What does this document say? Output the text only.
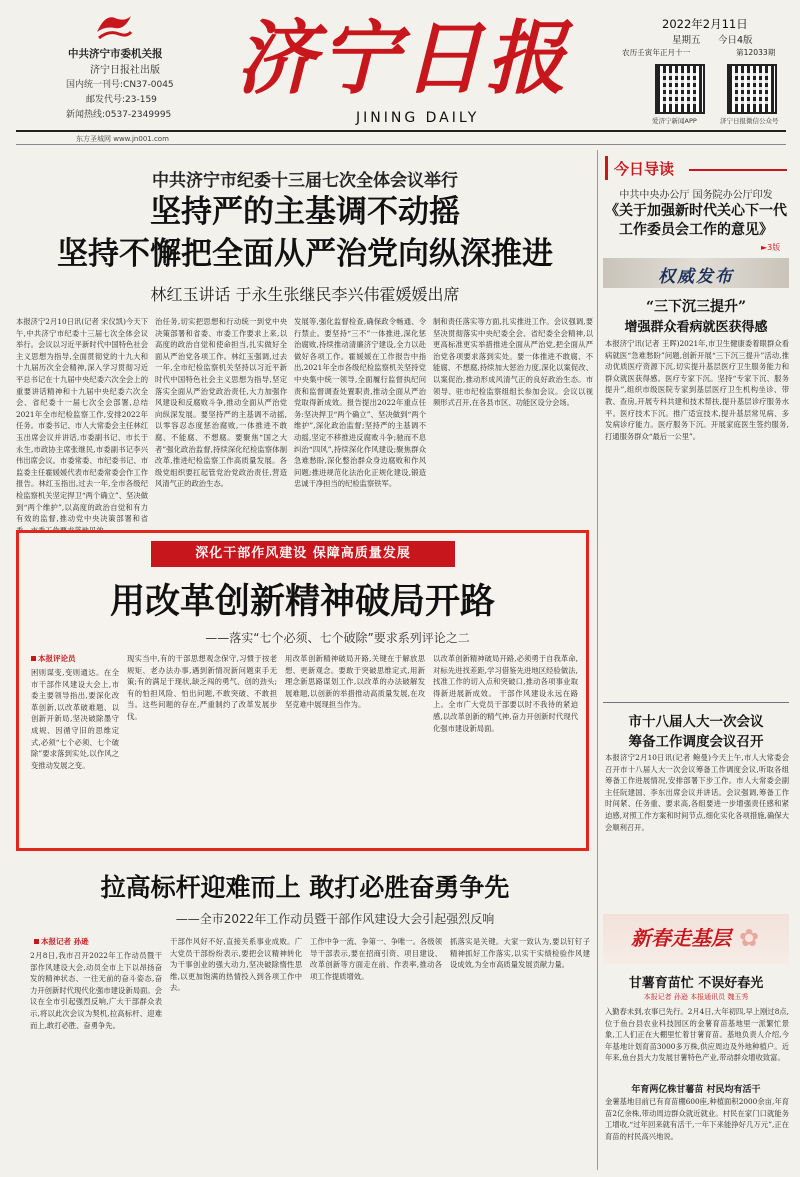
中共济宁市委机关报
济宁日报社出版
国内统一刊号:CN37-0045
邮发代号:23-159
新闻热线:0537-2349995
济 宁 日 报
JINING DAILY
2022年2月11日
星期五 今日4版
农历壬寅年正月十一	第12033期
爱济宁新闻APP	济宁日报微信公众号
东方圣城网 www.jn001.com
中共济宁市纪委十三届七次全体会议举行
坚持严的主基调不动摇
坚持不懈把全面从严治党向纵深推进
林红玉讲话 于永生张继民李兴伟霍媛媛出席
本报济宁2月10日讯(记者 宋仪凯)今天下午,中共济宁市纪委十三届七次全体会议举行。会议以习近平新时代中国特色社会主义思想为指导,全面贯彻党的十九大和十九届历次全会精神,深入学习贯彻习近平总书记在十九届中央纪委六次全会上的重要讲话精神和十九届中央纪委六次全会、省纪委十一届七次全会部署,总结2021年全市纪检监察工作,安排2022年任务。市委书记、市人大常委会主任林红玉出席会议并讲话,市委副书记、市长于永生,市政协主席张继民,市委副书记李兴伟出席会议。市委常委、市纪委书记、市监委主任霍媛媛代表市纪委常委会作工作报告。林红玉指出,过去一年,全市各级纪检监察机关坚定捍卫“两个确立”、坚决做到“两个维护”,以高度的政治自觉和有力有效的监督,推动党中央决策部署和省
治任务,切实把思想和行动统一到党中央决策部署和省委、市委工作要求上来,以高度的政治自觉和使命担当,扎实做好全面从严治党各项工作。林红玉强调,过去一年,全市纪检监察机关坚持以习近平新时代中国特色社会主义思想为指导,坚定落实全面从严治党政治责任,大力加强作风建设和反腐败斗争,推动全面从严治党向纵深发展。要坚持严的主基调不动摇,以零容忍态度惩治腐败,一体推进不敢腐、不能腐、不想腐。要聚焦“国之大者”强化政治监督,持续深化纪检监察体制改革,推进纪检监察工作高质量发展。各级党组织要扛起管党治党政治责任,营造风清气正的政治生态。
发展等,强化监督检查,确保政令畅通、令行禁止。要坚持“三不”一体推进,深化惩治腐败,持续推动清廉济宁建设,全力以赴做好各项工作。霍媛媛在工作报告中指出,2021年全市各级纪检监察机关坚持党中央集中统一领导,全面履行监督执纪问责和监督调查处置职责,推动全面从严治党取得新成效。报告提出2022年重点任务:坚决捍卫“两个确立”、坚决做到“两个维护”,深化政治监督;坚持严的主基调不动摇,坚定不移推进反腐败斗争;驰而不息纠治“四风”,持续深化作风建设;聚焦群众急难愁盼,深化整治群众身边腐败和作风问题;推进规范化法治化正规化建设,锻造忠诚干净担当的纪检监察铁军。
制和责任落实等方面,扎实推进工作。会议强调,要坚决贯彻落实中央纪委全会、省纪委全会精神,以更高标准更实举措推进全面从严治党,把全面从严治党各项要求落到实处。要一体推进不敢腐、不能腐、不想腐,持续加大惩治力度,深化以案促改、以案促治,推动形成风清气正的良好政治生态。市领导、驻市纪检监察组组长参加会议。会议以视频形式召开,在各县市区、功能区设分会场。
深化干部作风建设 保障高质量发展
用改革创新精神破局开路
——落实“七个必须、七个破除”要求系列评论之二
本报评论员
困则谋变,变则通达。在全市干部作风建设大会上,市委主要领导指出,要深化改革创新,以改革破难题、以创新开新局,坚决破除墨守成规、因循守旧的思维定式,必须“七个必须、七个破除”要求落到实处,以作风之变推动发展之变。
现实当中,有的干部思想观念保守,习惯于按老规矩、老办法办事,遇到新情况新问题束手无策;有的满足于现状,缺乏闯的勇气、创的劲头;有的怕担风险、怕出问题,不敢突破、不敢担当。这些问题的存在,严重制约了改革发展步伐。
用改革创新精神破局开路,关键在于解放思想、更新观念。要敢于突破思维定式,用新理念新思路谋划工作,以改革的办法破解发展难题,以创新的举措推动高质量发展,在攻坚克难中展现担当作为。
以改革创新精神破局开路,必须勇于自我革命,对标先进找差距,学习借鉴先进地区经验做法,找准工作的切入点和突破口,推动各项事业取得新进展新成效。 干部作风建设永远在路上。全市广大党员干部要以时不我待的紧迫感,以改革创新的精气神,奋力开创新时代现代化强市建设新局面。
拉高标杆迎难而上 敢打必胜奋勇争先
——全市2022年工作动员暨干部作风建设大会引起强烈反响
本报记者 孙逊
2月8日,我市召开2022年工作动员暨干部作风建设大会,动员全市上下以昂扬奋发的精神状态、一往无前的奋斗姿态,奋力开创新时代现代化强市建设新局面。会议在全市引起强烈反响,广大干部群众表示,将以此次会议为契机,拉高标杆、迎难而上,敢打必胜、奋勇争先。
干部作风好不好,直接关系事业成败。广大党员干部纷纷表示,要把会议精神转化为干事创业的强大动力,坚决破除惰性思维,以更加饱满的热情投入到各项工作中去。
工作中争一流、争第一、争唯一。各级领导干部表示,要在招商引资、项目建设、改革创新等方面走在前、作表率,推动各项工作提质增效。
抓落实是关键。大家一致认为,要以钉钉子精神抓好工作落实,以实干实绩检验作风建设成效,为全市高质量发展贡献力量。
今日导读
中共中央办公厅 国务院办公厅印发
《关于加强新时代关心下一代工作委员会工作的意见》
►3版
权威发布
“三下沉三提升”
增强群众看病就医获得感
本报济宁讯(记者 王晖)2021年,市卫生健康委着眼群众看病就医“急难愁盼”问题,创新开展“三下沉三提升”活动,推动优质医疗资源下沉,切实提升基层医疗卫生服务能力和群众就医获得感。医疗专家下沉。坚持“专家下沉、服务提升”,组织市级医院专家到基层医疗卫生机构坐诊、带教、查房,开展专科共建和技术帮扶,提升基层诊疗服务水平。医疗技术下沉。推广适宜技术,提升基层常见病、多发病诊疗能力。医疗服务下沉。开展家庭医生签约服务,打通服务群众“最后一公里”。
市十八届人大一次会议
筹备工作调度会议召开
本报济宁2月10日讯(记者 鲍曼)今天上午,市人大常委会召开市十八届人大一次会议筹备工作调度会议,听取各组筹备工作进展情况,安排部署下步工作。市人大常委会副主任阮建国、李东出席会议并讲话。会议强调,筹备工作时间紧、任务重、要求高,各组要进一步增强责任感和紧迫感,对照工作方案和时间节点,细化实化各项措施,确保大会顺利召开。
新春走基层 ✿
甘薯育苗忙 不误好春光
本报记者 孙逊 本报通讯员 魏玉秀
入勤春未到,农事已先行。2月4日,大年初四,早上刚过8点,位于鱼台县农业科技园区的金薯育苗基地里一派繁忙景象,工人们正在大棚里忙着甘薯育苗。基地负责人介绍,今年基地计划育苗3000多万株,供应周边及外地种植户。近年来,鱼台县大力发展甘薯特色产业,带动群众增收致富。
年育两亿株甘薯苗 村民均有活干
金薯基地目前已有育苗棚600座,种植面积2000余亩,年育苗2亿余株,带动周边群众就近就业。村民在家门口就能务工增收,“过年回来就有活干,一年下来能挣好几万元”,正在育苗的村民高兴地说。
